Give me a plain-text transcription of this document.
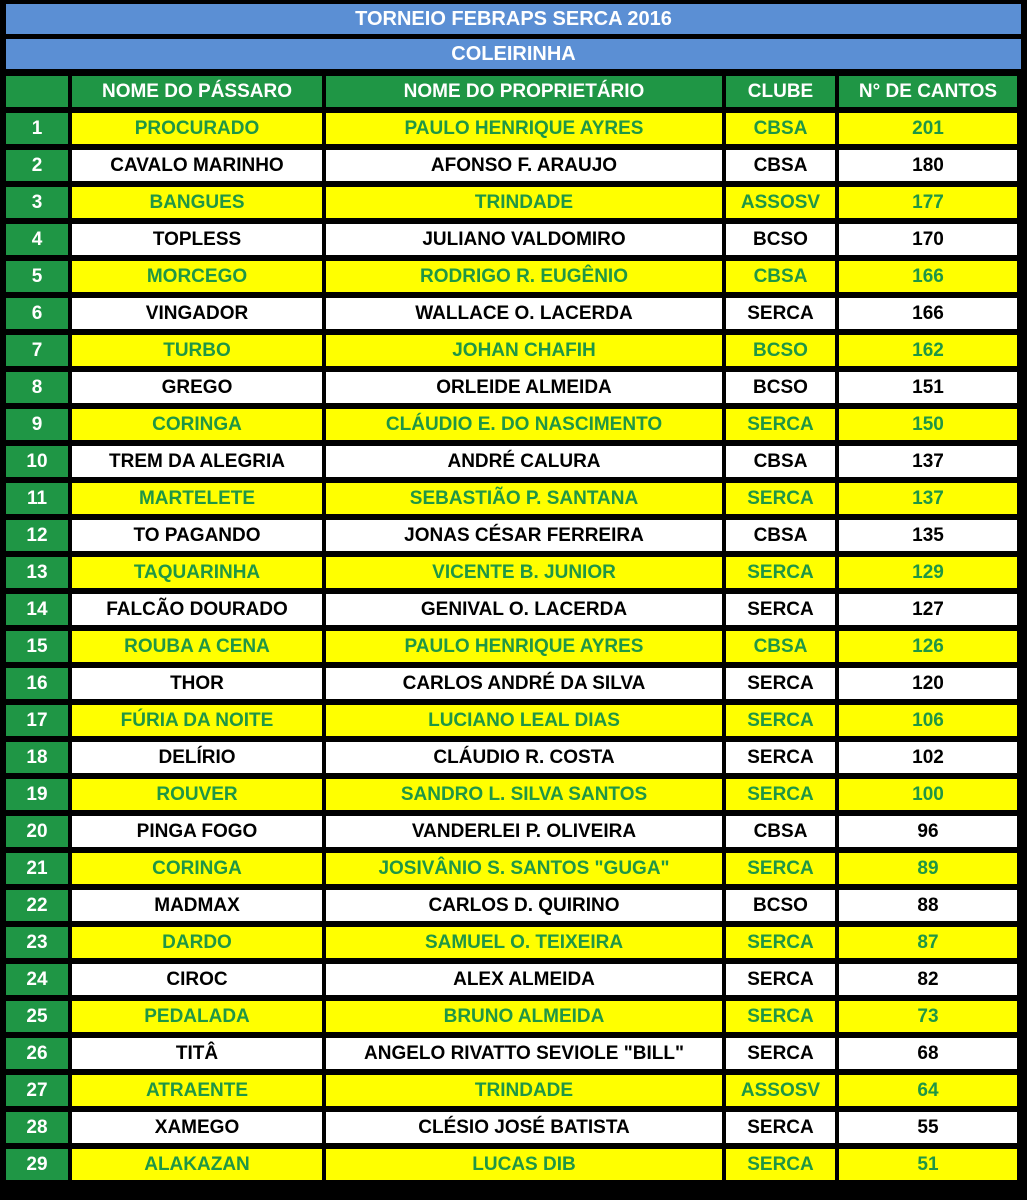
TORNEIO FEBRAPS SERCA 2016
COLEIRINHA
	NOME DO PÁSSARO	NOME DO PROPRIETÁRIO	CLUBE	N° DE CANTOS
1	PROCURADO	PAULO HENRIQUE AYRES	CBSA	201
2	CAVALO MARINHO	AFONSO F. ARAUJO	CBSA	180
3	BANGUES	TRINDADE	ASSOSV	177
4	TOPLESS	JULIANO VALDOMIRO	BCSO	170
5	MORCEGO	RODRIGO R. EUGÊNIO	CBSA	166
6	VINGADOR	WALLACE O. LACERDA	SERCA	166
7	TURBO	JOHAN CHAFIH	BCSO	162
8	GREGO	ORLEIDE ALMEIDA	BCSO	151
9	CORINGA	CLÁUDIO E. DO NASCIMENTO	SERCA	150
10	TREM DA ALEGRIA	ANDRÉ CALURA	CBSA	137
11	MARTELETE	SEBASTIÃO P. SANTANA	SERCA	137
12	TO PAGANDO	JONAS CÉSAR FERREIRA	CBSA	135
13	TAQUARINHA	VICENTE B. JUNIOR	SERCA	129
14	FALCÃO DOURADO	GENIVAL O. LACERDA	SERCA	127
15	ROUBA A CENA	PAULO HENRIQUE AYRES	CBSA	126
16	THOR	CARLOS ANDRÉ DA SILVA	SERCA	120
17	FÚRIA DA NOITE	LUCIANO LEAL DIAS	SERCA	106
18	DELÍRIO	CLÁUDIO R. COSTA	SERCA	102
19	ROUVER	SANDRO L. SILVA SANTOS	SERCA	100
20	PINGA FOGO	VANDERLEI P. OLIVEIRA	CBSA	96
21	CORINGA	JOSIVÂNIO S. SANTOS "GUGA"	SERCA	89
22	MADMAX	CARLOS D. QUIRINO	BCSO	88
23	DARDO	SAMUEL O. TEIXEIRA	SERCA	87
24	CIROC	ALEX ALMEIDA	SERCA	82
25	PEDALADA	BRUNO ALMEIDA	SERCA	73
26	TITÂ	ANGELO RIVATTO SEVIOLE "BILL"	SERCA	68
27	ATRAENTE	TRINDADE	ASSOSV	64
28	XAMEGO	CLÉSIO JOSÉ BATISTA	SERCA	55
29	ALAKAZAN	LUCAS DIB	SERCA	51
